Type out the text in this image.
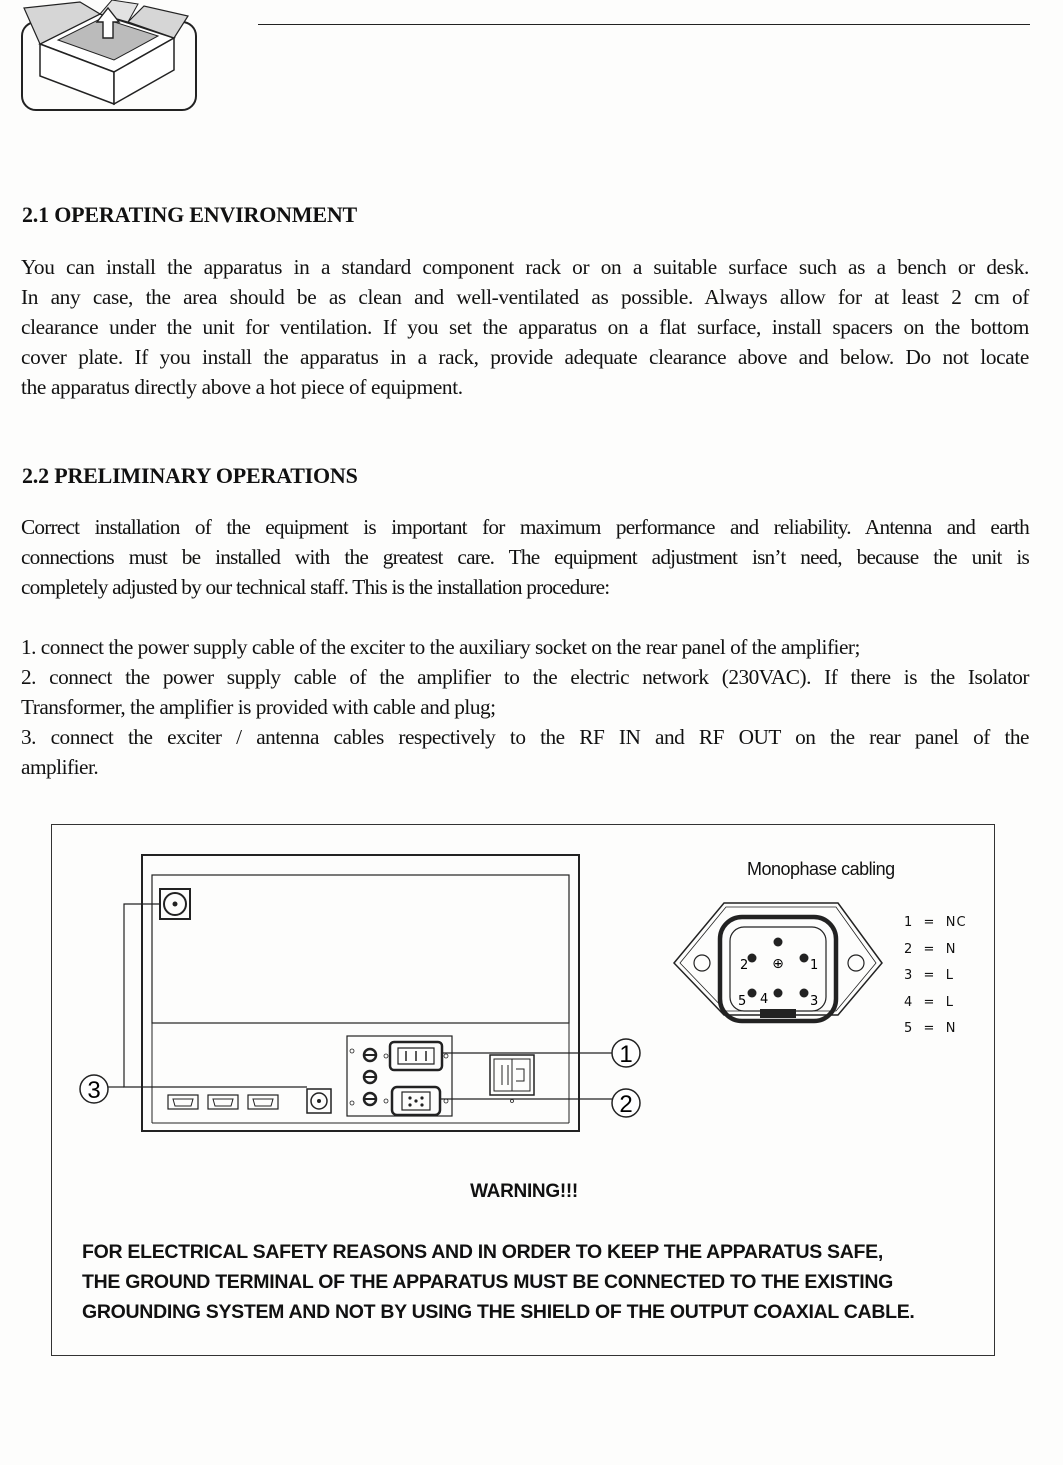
2.1 OPERATING ENVIRONMENT
You can install the apparatus in a standard component rack or on a suitable surface such as a bench or desk.
In any case, the area should be as clean and well-ventilated as possible. Always allow for at least 2 cm of
clearance under the unit for ventilation. If you set the apparatus on a flat surface, install spacers on the bottom
cover plate. If you install the apparatus in a rack, provide adequate clearance above and below. Do not locate
the apparatus directly above a hot piece of equipment.
2.2 PRELIMINARY OPERATIONS
Correct installation of the equipment is important for maximum performance and reliability. Antenna and earth
connections must be installed with the greatest care. The equipment adjustment isn’t need, because the unit is
completely adjusted by our technical staff. This is the installation procedure:
1. connect the power supply cable of the exciter to the auxiliary socket on the rear panel of the amplifier;
2. connect the power supply cable of the amplifier to the electric network (230VAC). If there is the Isolator
Transformer, the amplifier is provided with cable and plug;
3. connect the exciter / antenna cables respectively to the RF IN and RF OUT on the rear panel of the
amplifier.
1
2
3
Monophase cabling
⊕
2	1
5 4	3
1 = NC
2 = N
3 = L
4 = L
5 = N
WARNING!!!
FOR ELECTRICAL SAFETY REASONS AND IN ORDER TO KEEP THE APPARATUS SAFE,
THE GROUND TERMINAL OF THE APPARATUS MUST BE CONNECTED TO THE EXISTING
GROUNDING SYSTEM AND NOT BY USING THE SHIELD OF THE OUTPUT COAXIAL CABLE.
